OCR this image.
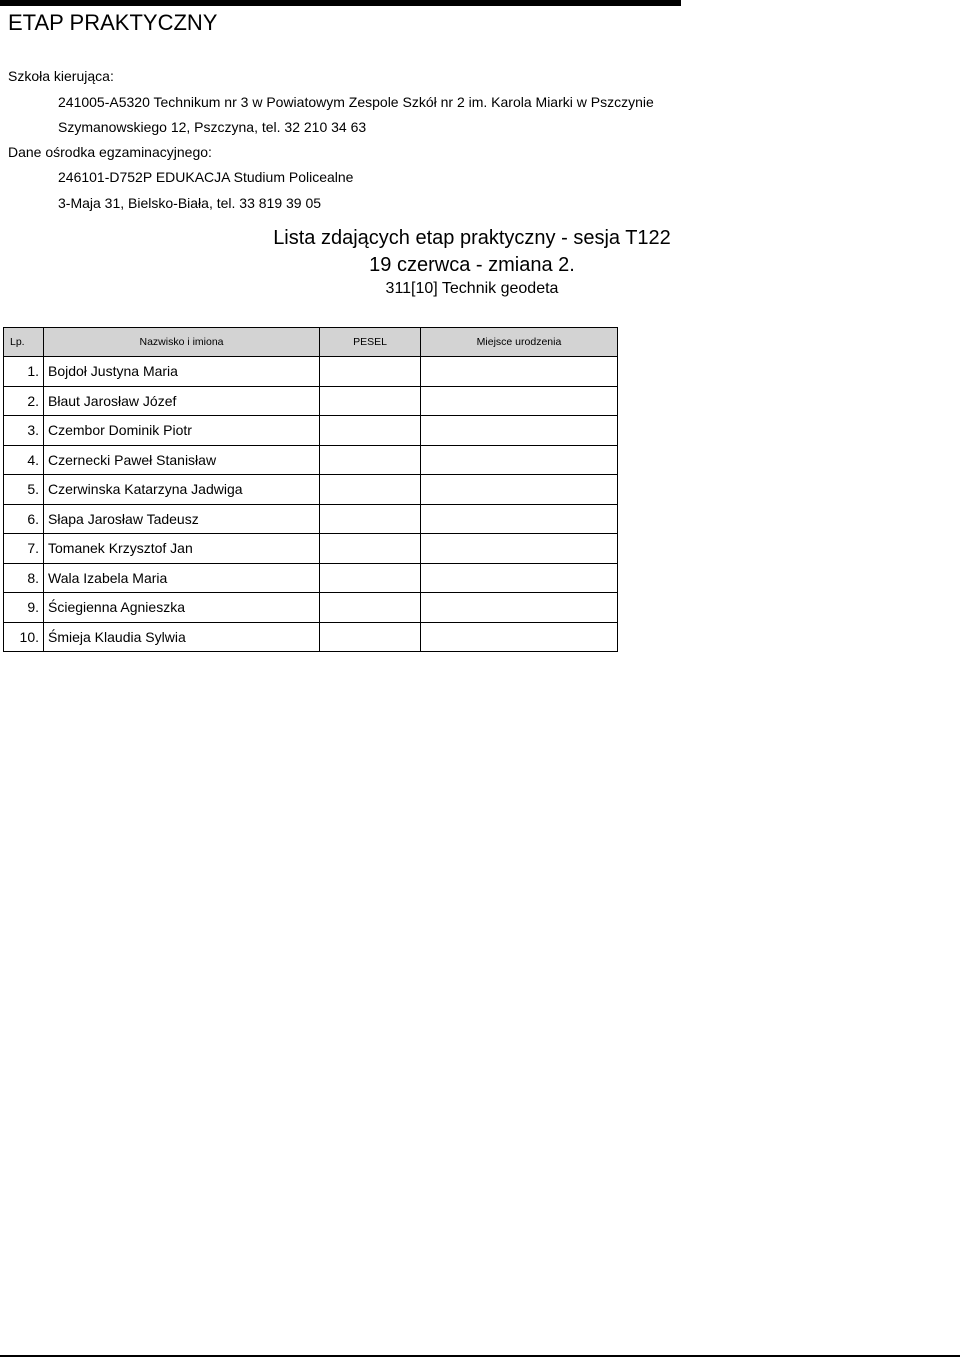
ETAP PRAKTYCZNY
Szkoła kierująca:
241005-A5320 Technikum nr 3 w Powiatowym Zespole Szkół nr 2 im. Karola Miarki w Pszczynie
Szymanowskiego 12, Pszczyna, tel. 32 210 34 63
Dane ośrodka egzaminacyjnego:
246101-D752P EDUKACJA Studium Policealne
3-Maja 31, Bielsko-Biała, tel. 33 819 39 05
Lista zdających etap praktyczny - sesja T122
19 czerwca - zmiana 2.
311[10] Technik geodeta
Lp.	Nazwisko i imiona	PESEL	Miejsce urodzenia
1.	Bojdoł Justyna Maria		
2.	Błaut Jarosław Józef		
3.	Czembor Dominik Piotr		
4.	Czernecki Paweł Stanisław		
5.	Czerwinska Katarzyna Jadwiga		
6.	Słapa Jarosław Tadeusz		
7.	Tomanek Krzysztof Jan		
8.	Wala Izabela Maria		
9.	Ściegienna Agnieszka		
10.	Śmieja Klaudia Sylwia		
